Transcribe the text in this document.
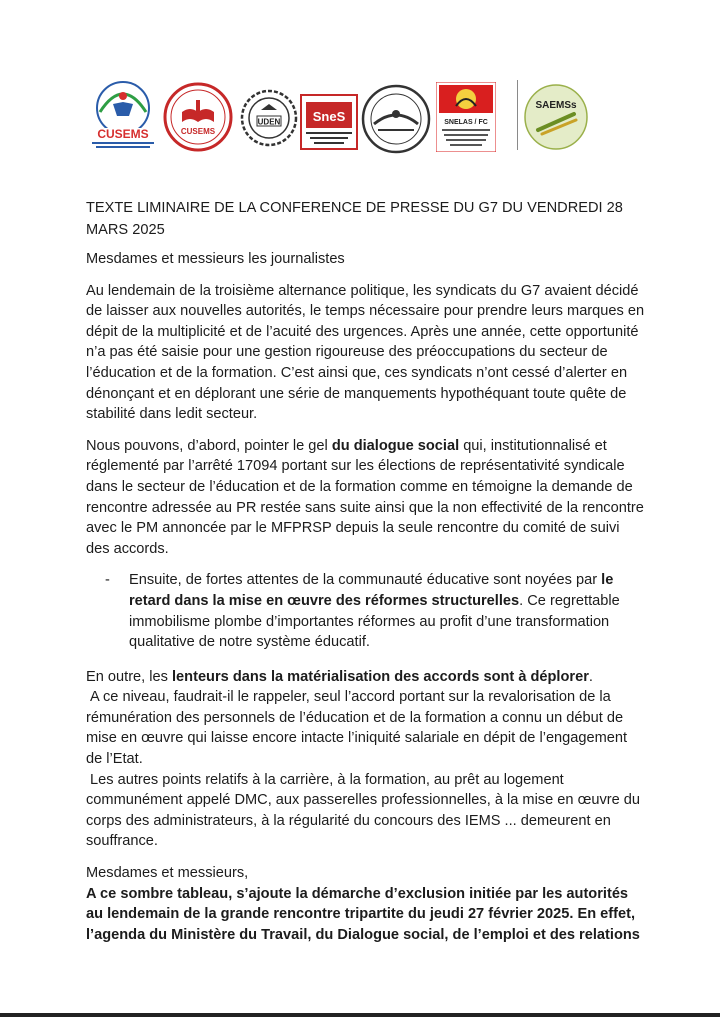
CUSEMS	CUSEMS
UDEN SneS	SNELAS / FC
SAEMSs
TEXTE LIMINAIRE DE LA CONFERENCE DE PRESSE DU G7 DU VENDREDI 28 MARS 2025

Mesdames et messieurs les journalistes

Au lendemain de la troisième alternance politique, les syndicats du G7 avaient décidé de laisser aux nouvelles autorités, le temps nécessaire pour prendre leurs marques en dépit de la multiplicité et de l’acuité des urgences. Après une année, cette opportunité n’a pas été saisie pour une gestion rigoureuse des préoccupations du secteur de l’éducation et de la formation. C’est ainsi que, ces syndicats n’ont cessé d’alerter en dénonçant et en déplorant une série de manquements hypothéquant toute quête de stabilité dans ledit secteur.

Nous pouvons, d’abord, pointer le gel du dialogue social qui, institutionnalisé et réglementé par l’arrêté 17094 portant sur les élections de représentativité syndicale dans le secteur de l’éducation et de la formation comme en témoigne la demande de rencontre adressée au PR restée sans suite ainsi que la non effectivité de la rencontre avec le PM annoncée par le MFPRSP depuis la seule rencontre du comité de suivi des accords.

- Ensuite, de fortes attentes de la communauté éducative sont noyées par le retard dans la mise en œuvre des réformes structurelles. Ce regrettable immobilisme plombe d’importantes réformes au profit d’une transformation qualitative de notre système éducatif.

En outre, les lenteurs dans la matérialisation des accords sont à déplorer.

A ce niveau, faudrait-il le rappeler, seul l’accord portant sur la revalorisation de la rémunération des personnels de l’éducation et de la formation a connu un début de mise en œuvre qui laisse encore intacte l’iniquité salariale en dépit de l’engagement de l’Etat.

Les autres points relatifs à la carrière, à la formation, au prêt au logement communément appelé DMC, aux passerelles professionnelles, à la mise en œuvre du corps des administrateurs, à la régularité du concours des IEMS ... demeurent en souffrance.

Mesdames et messieurs,

A ce sombre tableau, s’ajoute la démarche d’exclusion initiée par les autorités au lendemain de la grande rencontre tripartite du jeudi 27 février 2025. En effet, l’agenda du Ministère du Travail, du Dialogue social, de l’emploi et des relations
